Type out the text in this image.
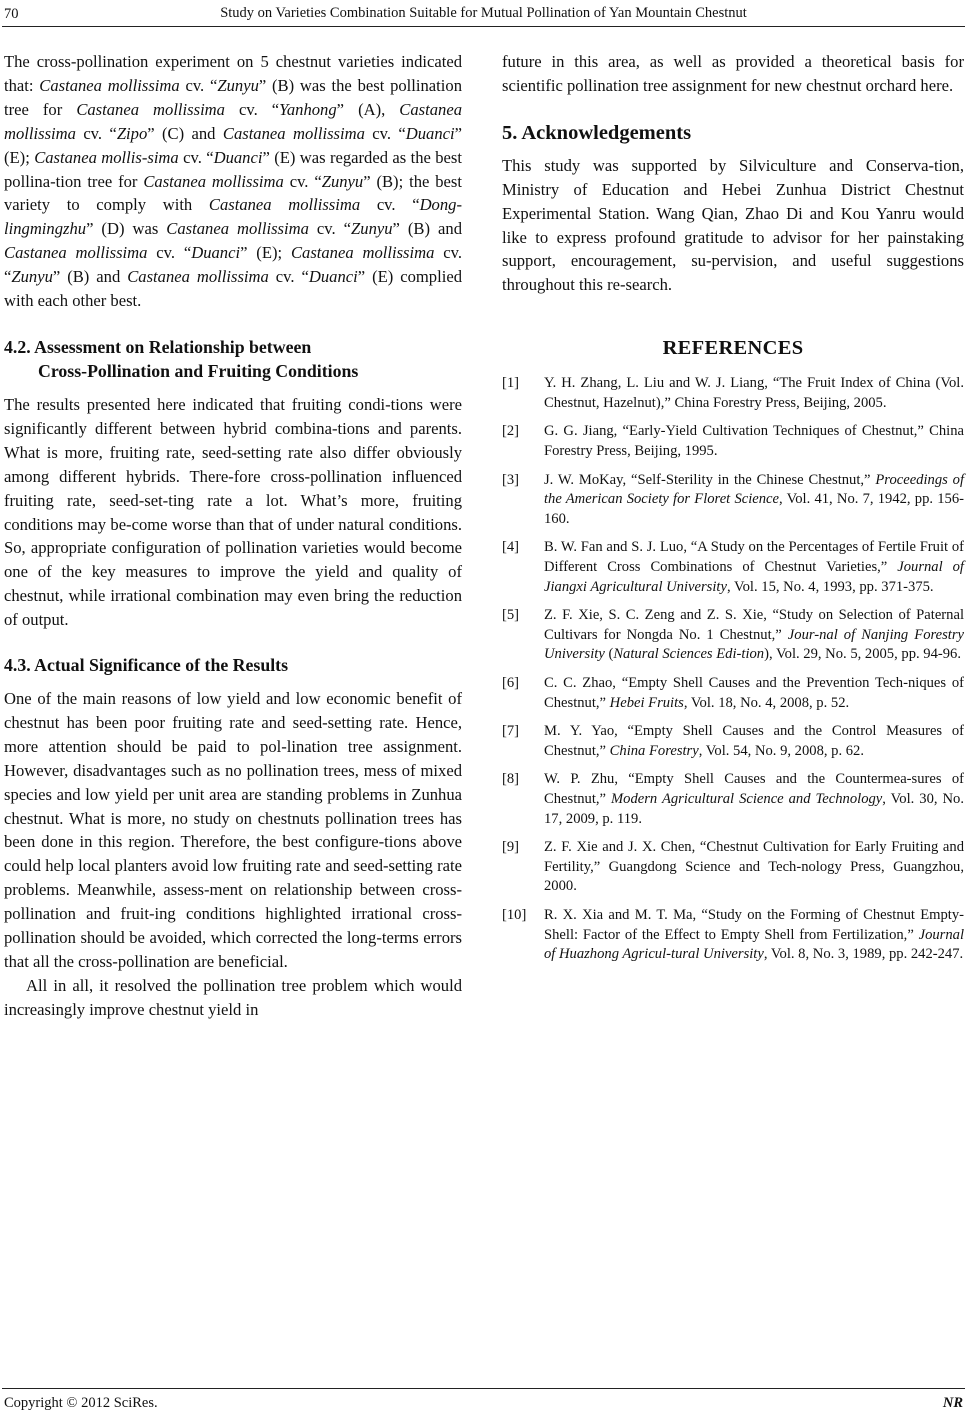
70	Study on Varieties Combination Suitable for Mutual Pollination of Yan Mountain Chestnut

The cross-pollination experiment on 5 chestnut varieties indicated that: Castanea mollissima cv. “Zunyu” (B) was the best pollination tree for Castanea mollissima cv. “Yanhong” (A), Castanea mollissima cv. “Zipo” (C) and Castanea mollissima cv. “Duanci” (E); Castanea mollis-sima cv. “Duanci” (E) was regarded as the best pollina-tion tree for Castanea mollissima cv. “Zunyu” (B); the best variety to comply with Castanea mollissima cv. “Dong-lingmingzhu” (D) was Castanea mollissima cv. “Zunyu” (B) and Castanea mollissima cv. “Duanci” (E); Castanea mollissima cv. “Zunyu” (B) and Castanea mollissima cv. “Duanci” (E) complied with each other best.

4.2. Assessment on Relationship between
Cross-Pollination and Fruiting Conditions

The results presented here indicated that fruiting condi-tions were significantly different between hybrid combina-tions and parents. What is more, fruiting rate, seed-setting rate also differ obviously among different hybrids. There-fore cross-pollination influenced fruiting rate, seed-set-ting rate a lot. What’s more, fruiting conditions may be-come worse than that of under natural conditions. So, appropriate configuration of pollination varieties would become one of the key measures to improve the yield and quality of chestnut, while irrational combination may even bring the reduction of output.

4.3. Actual Significance of the Results

One of the main reasons of low yield and low economic benefit of chestnut has been poor fruiting rate and seed-setting rate. Hence, more attention should be paid to pol-lination tree assignment. However, disadvantages such as no pollination trees, mess of mixed species and low yield per unit area are standing problems in Zunhua chestnut. What is more, no study on chestnuts pollination trees has been done in this region. Therefore, the best configure-tions above could help local planters avoid low fruiting rate and seed-setting rate problems. Meanwhile, assess-ment on relationship between cross-pollination and fruit-ing conditions highlighted irrational cross-pollination should be avoided, which corrected the long-terms errors that all the cross-pollination are beneficial.

All in all, it resolved the pollination tree problem which would increasingly improve chestnut yield in

future in this area, as well as provided a theoretical basis for scientific pollination tree assignment for new chestnut orchard here.

5. Acknowledgements

This study was supported by Silviculture and Conserva-tion, Ministry of Education and Hebei Zunhua District Chestnut Experimental Station. Wang Qian, Zhao Di and Kou Yanru would like to express profound gratitude to advisor for her painstaking support, encouragement, su-pervision, and useful suggestions throughout this re-search.

REFERENCES
[1] Y. H. Zhang, L. Liu and W. J. Liang, “The Fruit Index of China (Vol. Chestnut, Hazelnut),” China Forestry Press, Beijing, 2005.
[2] G. G. Jiang, “Early-Yield Cultivation Techniques of Chestnut,” China Forestry Press, Beijing, 1995.
[3] J. W. MoKay, “Self-Sterility in the Chinese Chestnut,” Proceedings of the American Society for Floret Science, Vol. 41, No. 7, 1942, pp. 156-160.
[4] B. W. Fan and S. J. Luo, “A Study on the Percentages of Fertile Fruit of Different Cross Combinations of Chestnut Varieties,” Journal of Jiangxi Agricultural University, Vol. 15, No. 4, 1993, pp. 371-375.
[5] Z. F. Xie, S. C. Zeng and Z. S. Xie, “Study on Selection of Paternal Cultivars for Nongda No. 1 Chestnut,” Jour-nal of Nanjing Forestry University (Natural Sciences Edi-tion), Vol. 29, No. 5, 2005, pp. 94-96.
[6] C. C. Zhao, “Empty Shell Causes and the Prevention Tech-niques of Chestnut,” Hebei Fruits, Vol. 18, No. 4, 2008, p. 52.
[7] M. Y. Yao, “Empty Shell Causes and the Control Measures of Chestnut,” China Forestry, Vol. 54, No. 9, 2008, p. 62.
[8] W. P. Zhu, “Empty Shell Causes and the Countermea-sures of Chestnut,” Modern Agricultural Science and Technology, Vol. 30, No. 17, 2009, p. 119.
[9] Z. F. Xie and J. X. Chen, “Chestnut Cultivation for Early Fruiting and Fertility,” Guangdong Science and Tech-nology Press, Guangzhou, 2000.
[10] R. X. Xia and M. T. Ma, “Study on the Forming of Chestnut Empty-Shell: Factor of the Effect to Empty Shell from Fertilization,” Journal of Huazhong Agricul-tural University, Vol. 8, No. 3, 1989, pp. 242-247.
Copyright © 2012 SciRes.	NR
